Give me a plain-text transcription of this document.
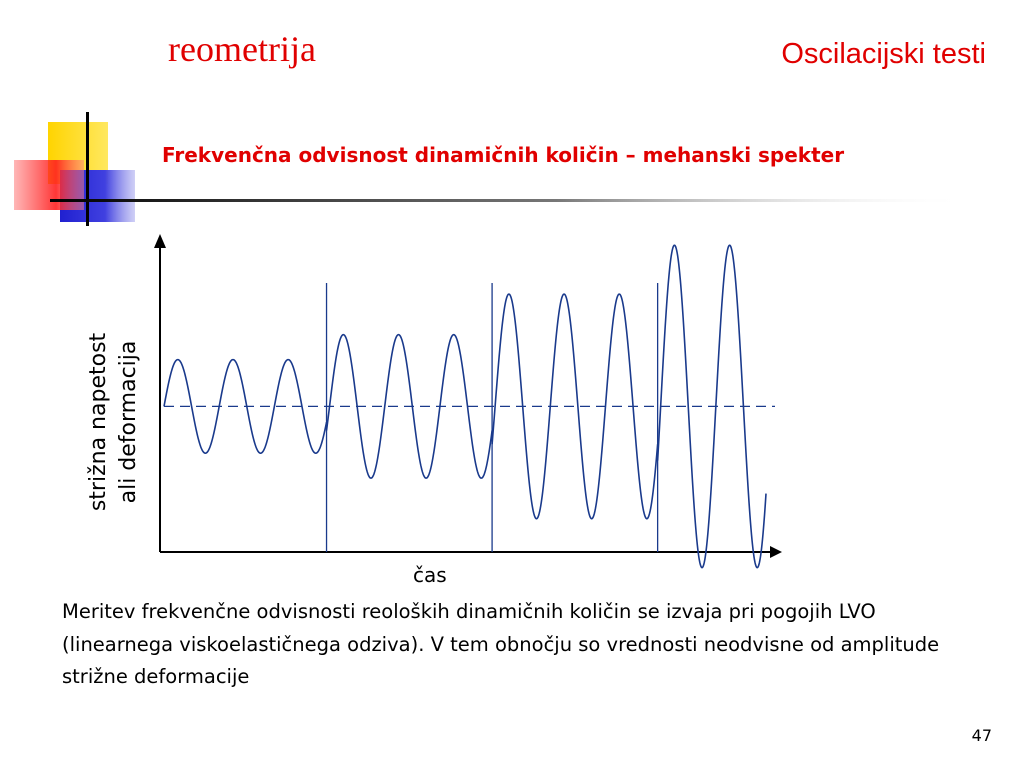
reometrija	Oscilacijski testi
Frekvenčna odvisnost dinamičnih količin – mehanski spekter
strižna napetost ali deformacija
čas
Meritev frekvenčne odvisnosti reoloških dinamičnih količin se izvaja pri pogojih LVO (linearnega viskoelastičnega odziva). V tem obnočju so vrednosti neodvisne od amplitude strižne deformacije
47
